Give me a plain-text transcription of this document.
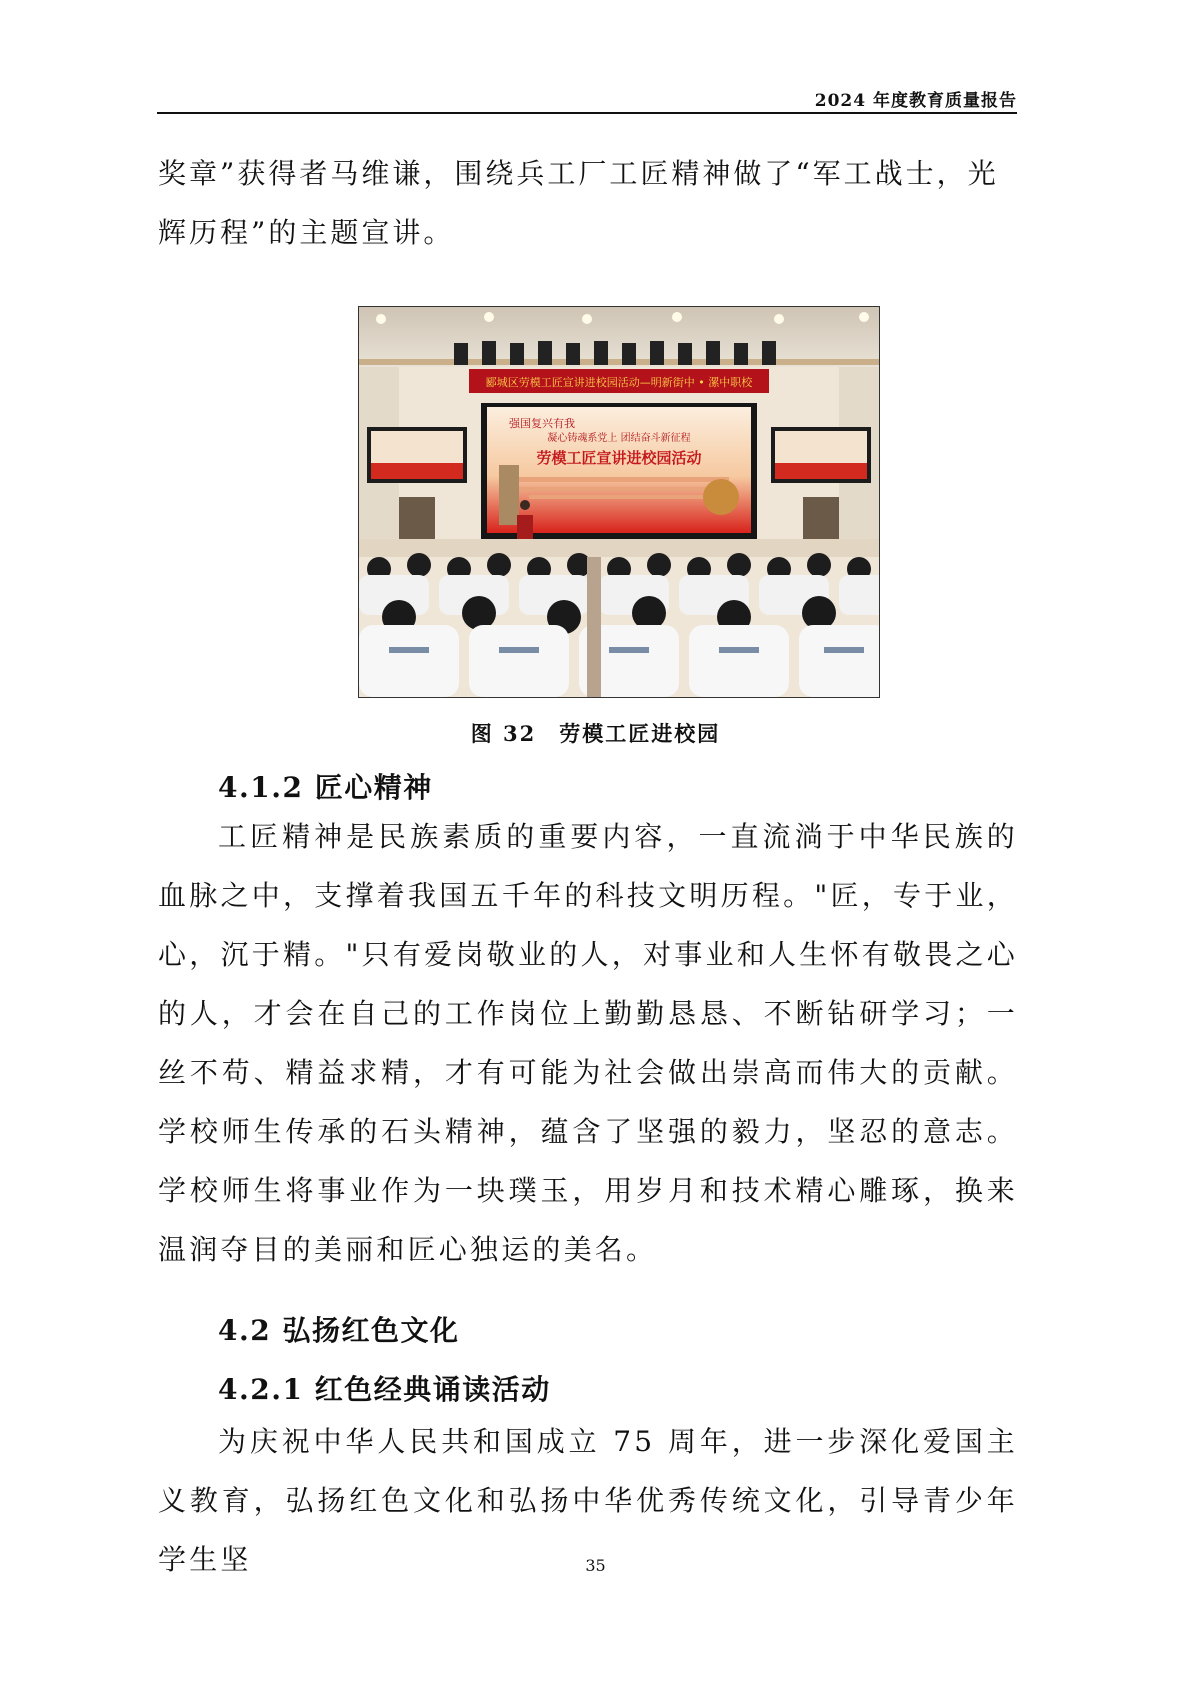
2024 年度教育质量报告

奖章”获得者马维谦，围绕兵工厂工匠精神做了“军工战士，光

辉历程”的主题宣讲。

郾城区劳模工匠宣讲进校园活动—明新街中 • 漯中职校
强国复兴有我
凝心铸魂系党上 团结奋斗新征程
劳模工匠宣讲进校园活动
图 32　劳模工匠进校园

4.1.2 匠心精神

工匠精神是民族素质的重要内容，一直流淌于中华民族的血脉之中，支撑着我国五千年的科技文明历程。"匠，专于业，心，沉于精。"只有爱岗敬业的人，对事业和人生怀有敬畏之心的人，才会在自己的工作岗位上勤勤恳恳、不断钻研学习；一丝不苟、精益求精，才有可能为社会做出崇高而伟大的贡献。学校师生传承的石头精神，蕴含了坚强的毅力，坚忍的意志。学校师生将事业作为一块璞玉，用岁月和技术精心雕琢，换来温润夺目的美丽和匠心独运的美名。

4.2 弘扬红色文化

4.2.1 红色经典诵读活动

为庆祝中华人民共和国成立 75 周年，进一步深化爱国主义教育，弘扬红色文化和弘扬中华优秀传统文化，引导青少年学生坚	35
